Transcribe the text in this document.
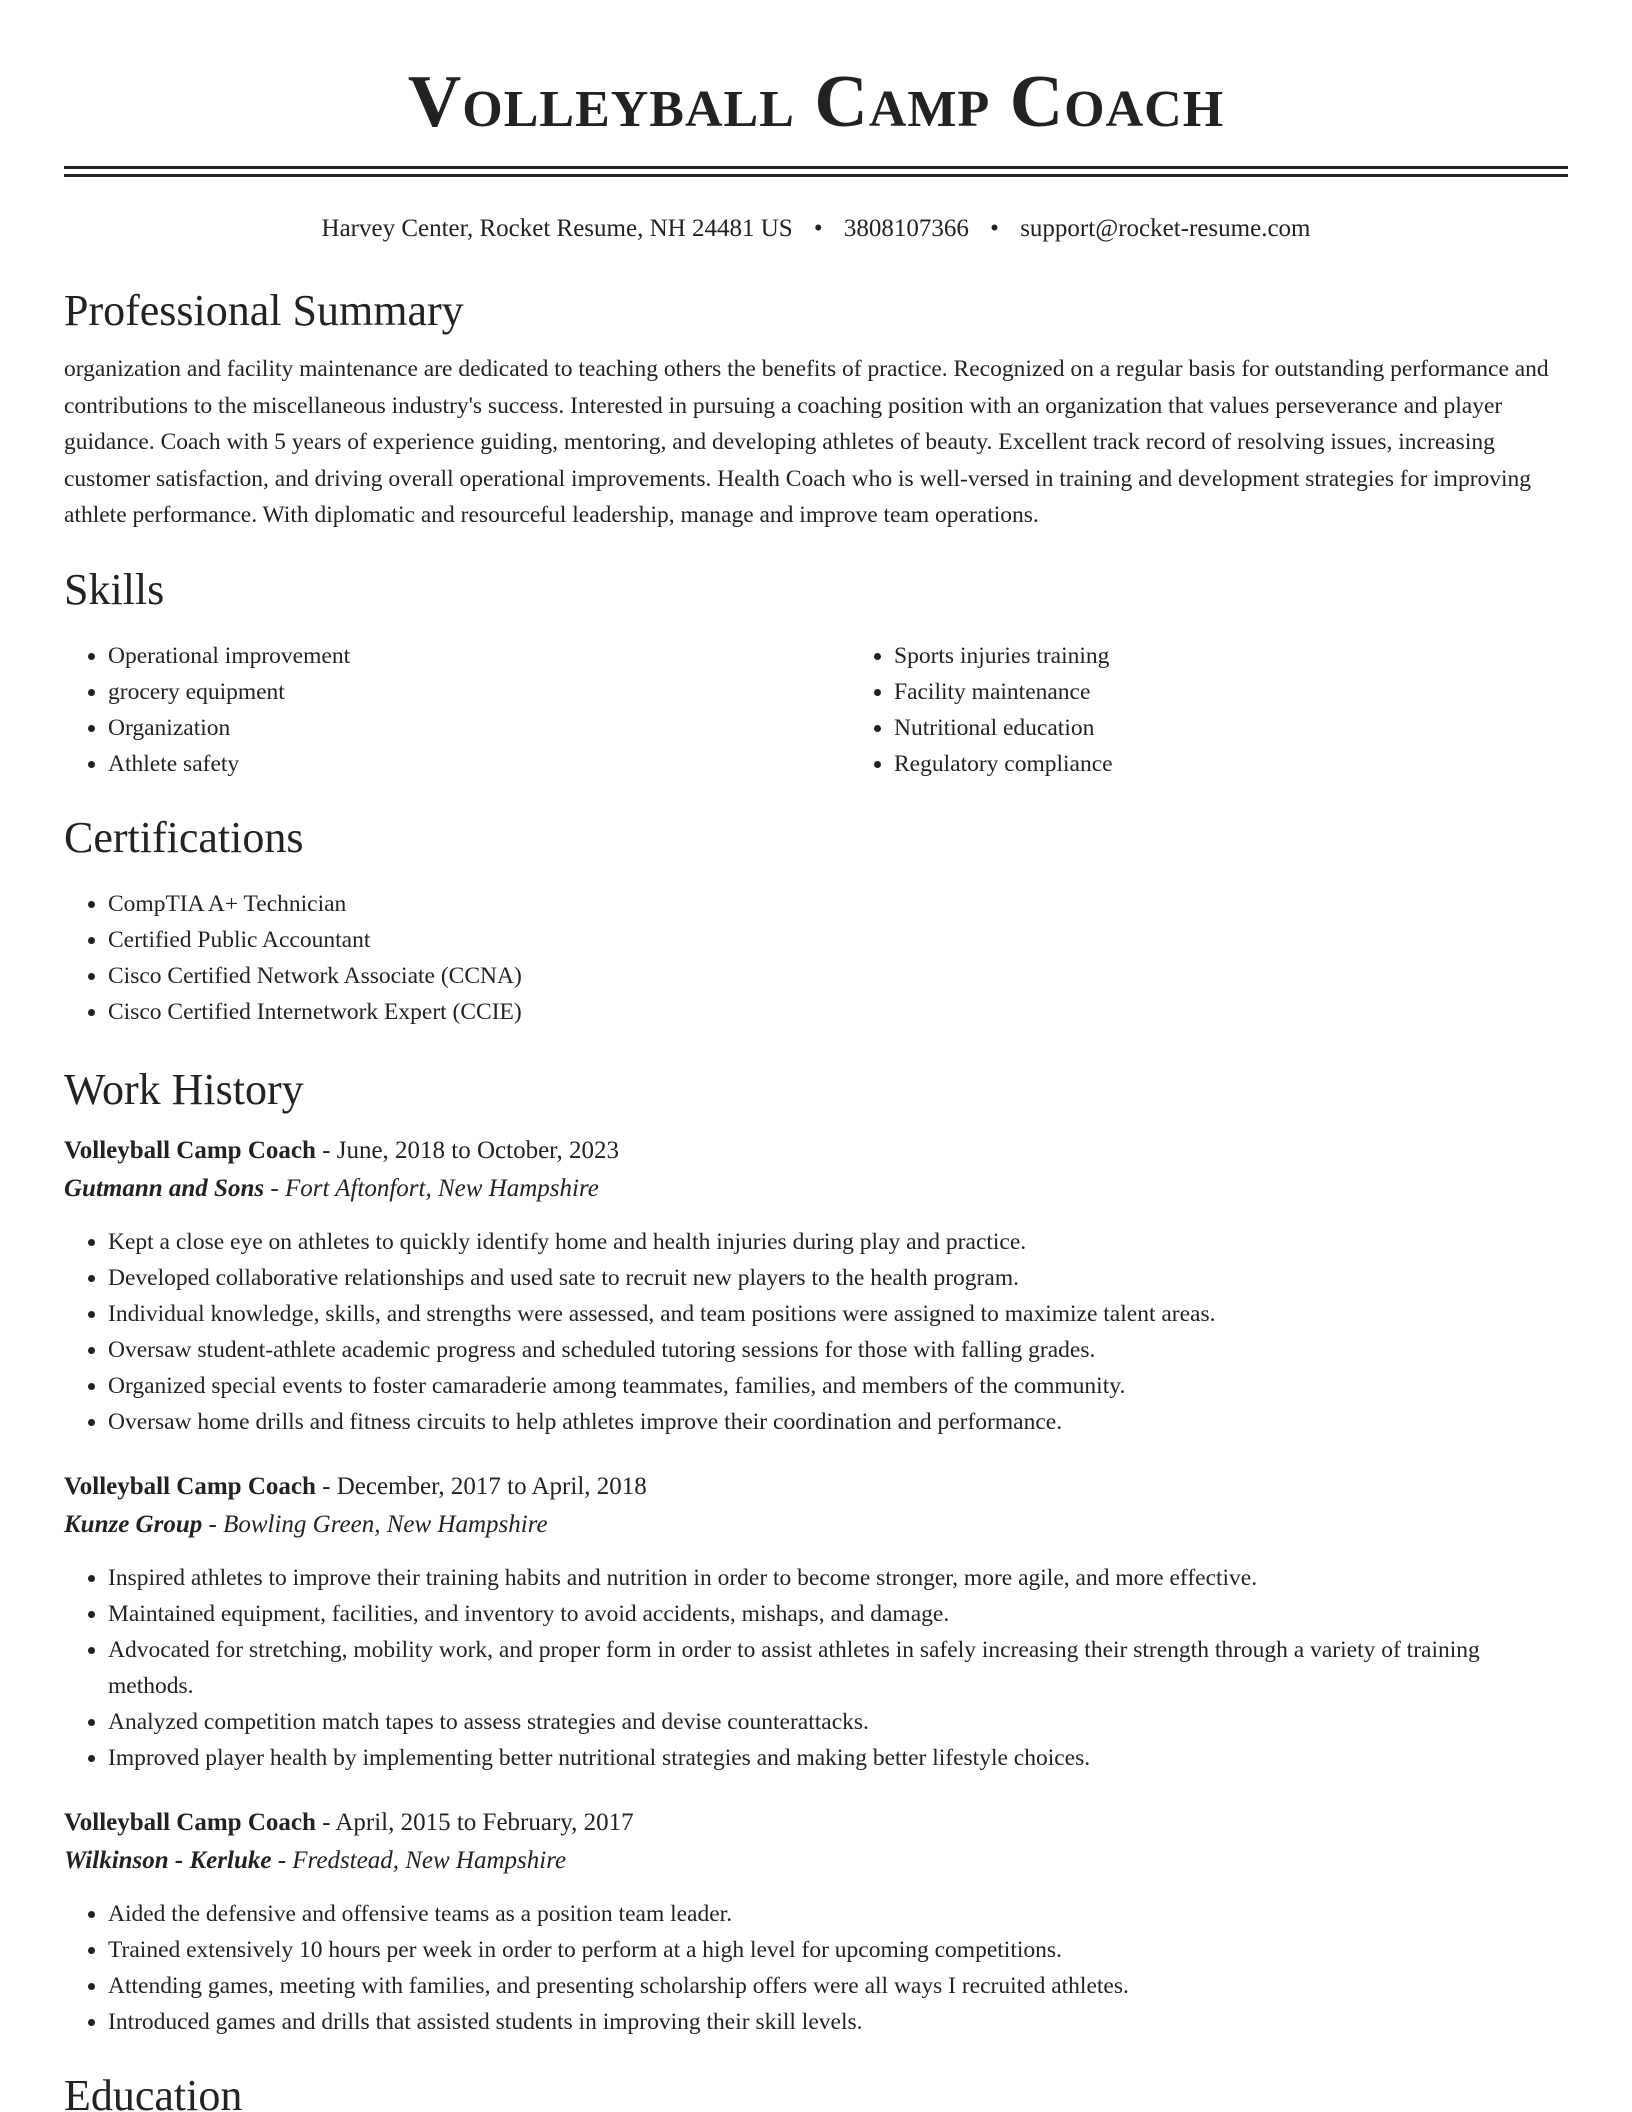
Volleyball Camp Coach
Harvey Center, Rocket Resume, NH 24481 US • 3808107366 • support@rocket-resume.com
Professional Summary
organization and facility maintenance are dedicated to teaching others the benefits of practice. Recognized on a regular basis for outstanding performance and contributions to the miscellaneous industry's success. Interested in pursuing a coaching position with an organization that values perseverance and player guidance. Coach with 5 years of experience guiding, mentoring, and developing athletes of beauty. Excellent track record of resolving issues, increasing customer satisfaction, and driving overall operational improvements. Health Coach who is well-versed in training and development strategies for improving athlete performance. With diplomatic and resourceful leadership, manage and improve team operations.
Skills
• Operational improvement
• grocery equipment
• Organization
• Athlete safety
• Sports injuries training
• Facility maintenance
• Nutritional education
• Regulatory compliance
Certifications
• CompTIA A+ Technician
• Certified Public Accountant
• Cisco Certified Network Associate (CCNA)
• Cisco Certified Internetwork Expert (CCIE)
Work History
Volleyball Camp Coach - June, 2018 to October, 2023
Gutmann and Sons - Fort Aftonfort, New Hampshire
• Kept a close eye on athletes to quickly identify home and health injuries during play and practice.
• Developed collaborative relationships and used sate to recruit new players to the health program.
• Individual knowledge, skills, and strengths were assessed, and team positions were assigned to maximize talent areas.
• Oversaw student-athlete academic progress and scheduled tutoring sessions for those with falling grades.
• Organized special events to foster camaraderie among teammates, families, and members of the community.
• Oversaw home drills and fitness circuits to help athletes improve their coordination and performance.
Volleyball Camp Coach - December, 2017 to April, 2018
Kunze Group - Bowling Green, New Hampshire
• Inspired athletes to improve their training habits and nutrition in order to become stronger, more agile, and more effective.
• Maintained equipment, facilities, and inventory to avoid accidents, mishaps, and damage.
• Advocated for stretching, mobility work, and proper form in order to assist athletes in safely increasing their strength through a variety of training methods.
• Analyzed competition match tapes to assess strategies and devise counterattacks.
• Improved player health by implementing better nutritional strategies and making better lifestyle choices.
Volleyball Camp Coach - April, 2015 to February, 2017
Wilkinson - Kerluke - Fredstead, New Hampshire
• Aided the defensive and offensive teams as a position team leader.
• Trained extensively 10 hours per week in order to perform at a high level for upcoming competitions.
• Attending games, meeting with families, and presenting scholarship offers were all ways I recruited athletes.
• Introduced games and drills that assisted students in improving their skill levels.
Education
